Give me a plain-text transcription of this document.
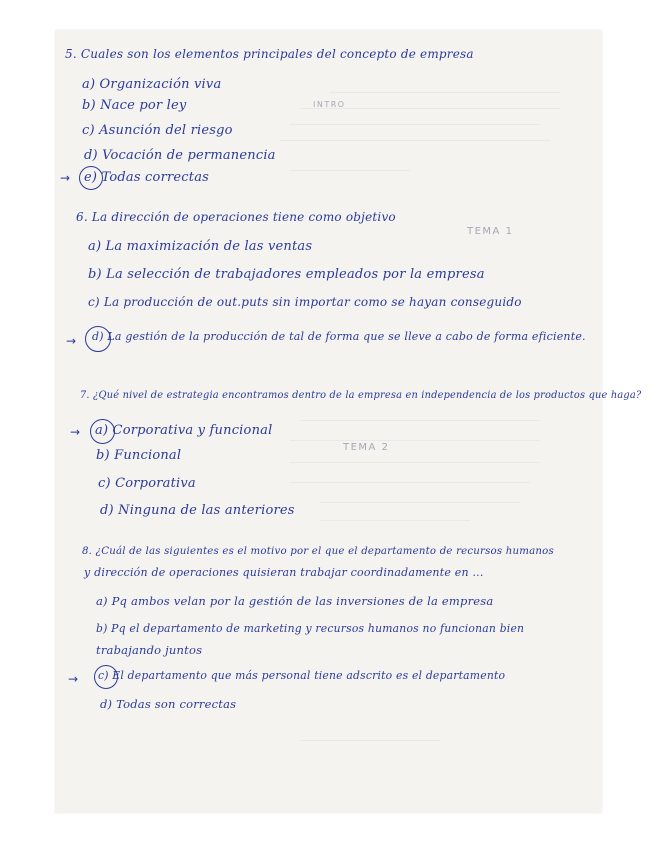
INTRO
TEMA 1
TEMA 2
5. Cuales son los elementos principales del concepto de empresa
a) Organización viva
b) Nace por ley
c) Asunción del riesgo
d) Vocación de permanencia
→ e) Todas correctas
6. La dirección de operaciones tiene como objetivo
a) La maximización de las ventas
b) La selección de trabajadores empleados por la empresa
c) La producción de out.puts sin importar como se hayan conseguido
→ d) La gestión de la producción de tal de forma que se lleve a cabo de forma eficiente.
7. ¿Qué nivel de estrategia encontramos dentro de la empresa en independencia de los productos que haga?
→ a) Corporativa y funcional
b) Funcional
c) Corporativa
d) Ninguna de las anteriores
8. ¿Cuál de las siguientes es el motivo por el que el departamento de recursos humanos
y dirección de operaciones quisieran trabajar coordinadamente en ...
a) Pq ambos velan por la gestión de las inversiones de la empresa
b) Pq el departamento de marketing y recursos humanos no funcionan bien
trabajando juntos
→ c) El departamento que más personal tiene adscrito es el departamento
d) Todas son correctas
